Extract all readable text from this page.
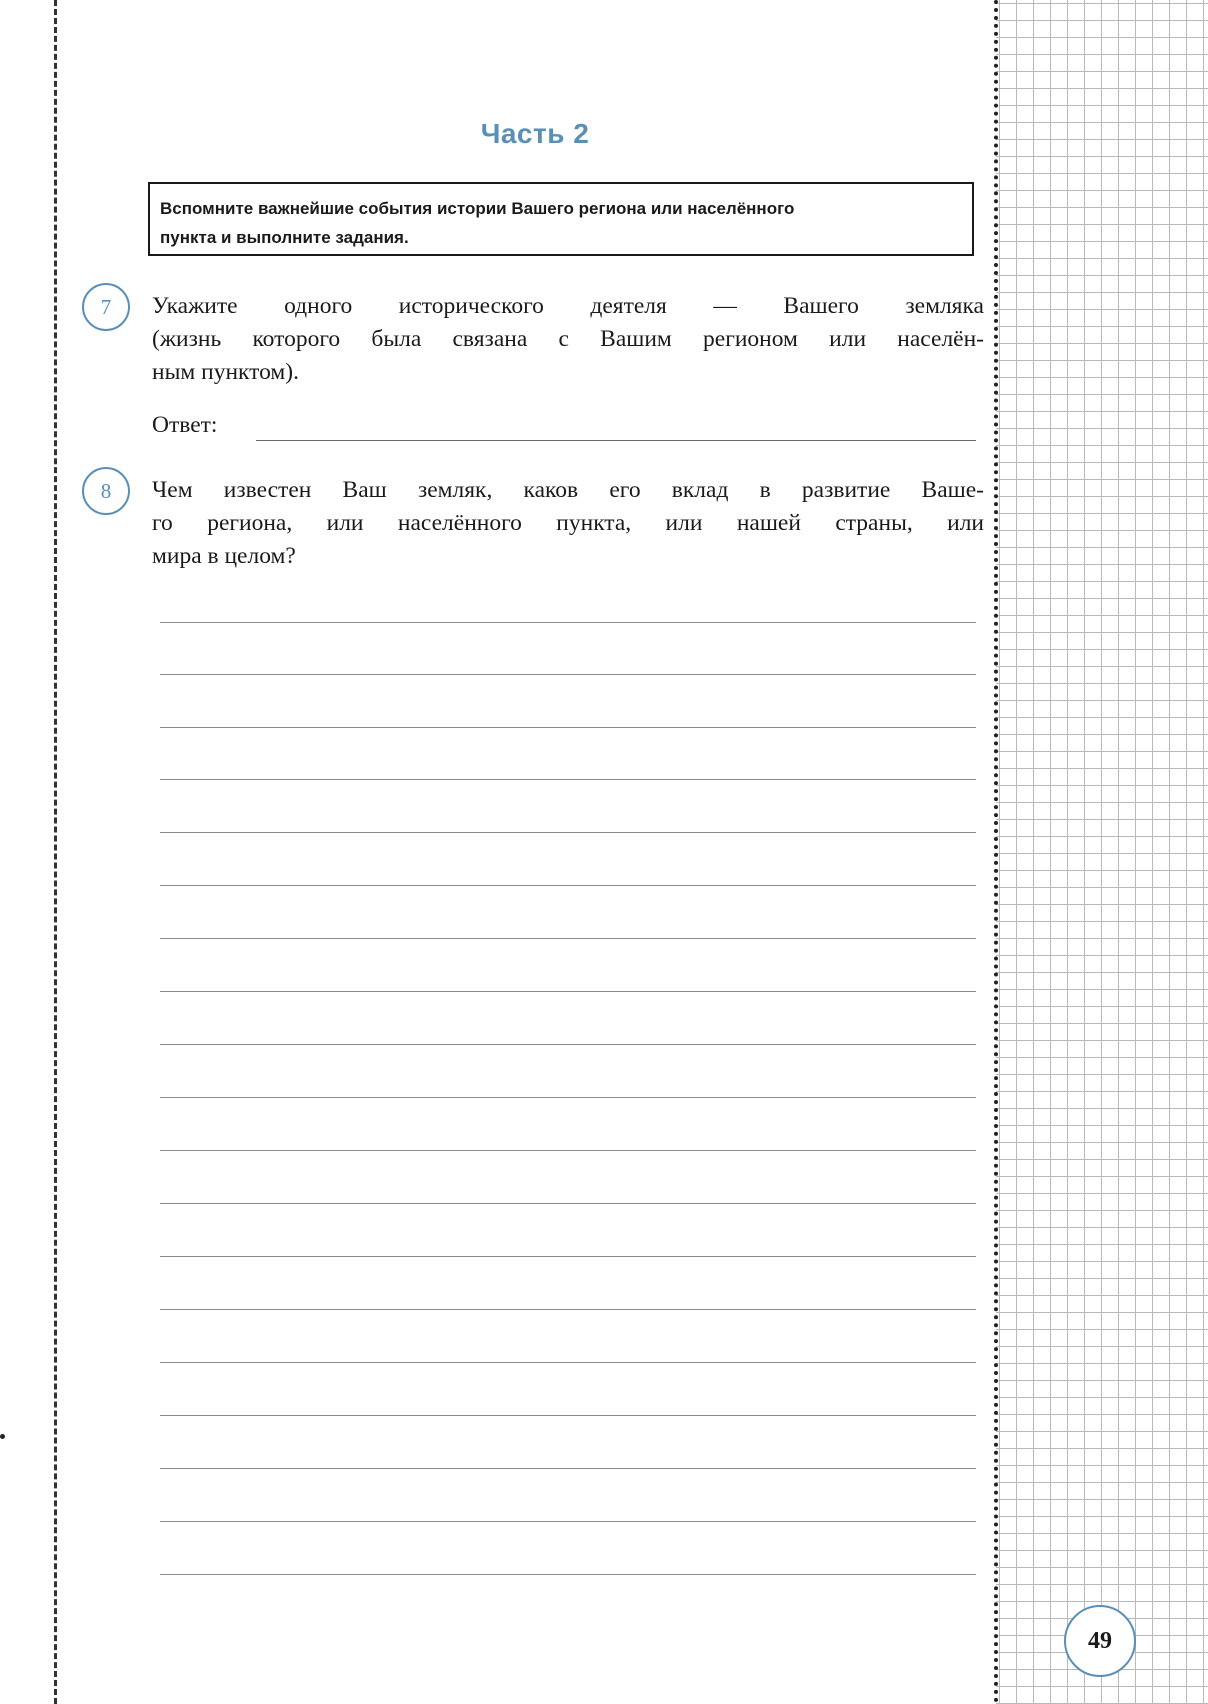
Часть 2
Вспомните важнейшие события истории Вашего региона или населённого
пункта и выполните задания.
7	Укажите одного исторического деятеля — Вашего земляка
(жизнь которого была связана с Вашим регионом или населён-
ным пунктом).
Ответ:
8	Чем известен Ваш земляк, каков его вклад в развитие Ваше-
го региона, или населённого пункта, или нашей страны, или
мира в целом?
49
